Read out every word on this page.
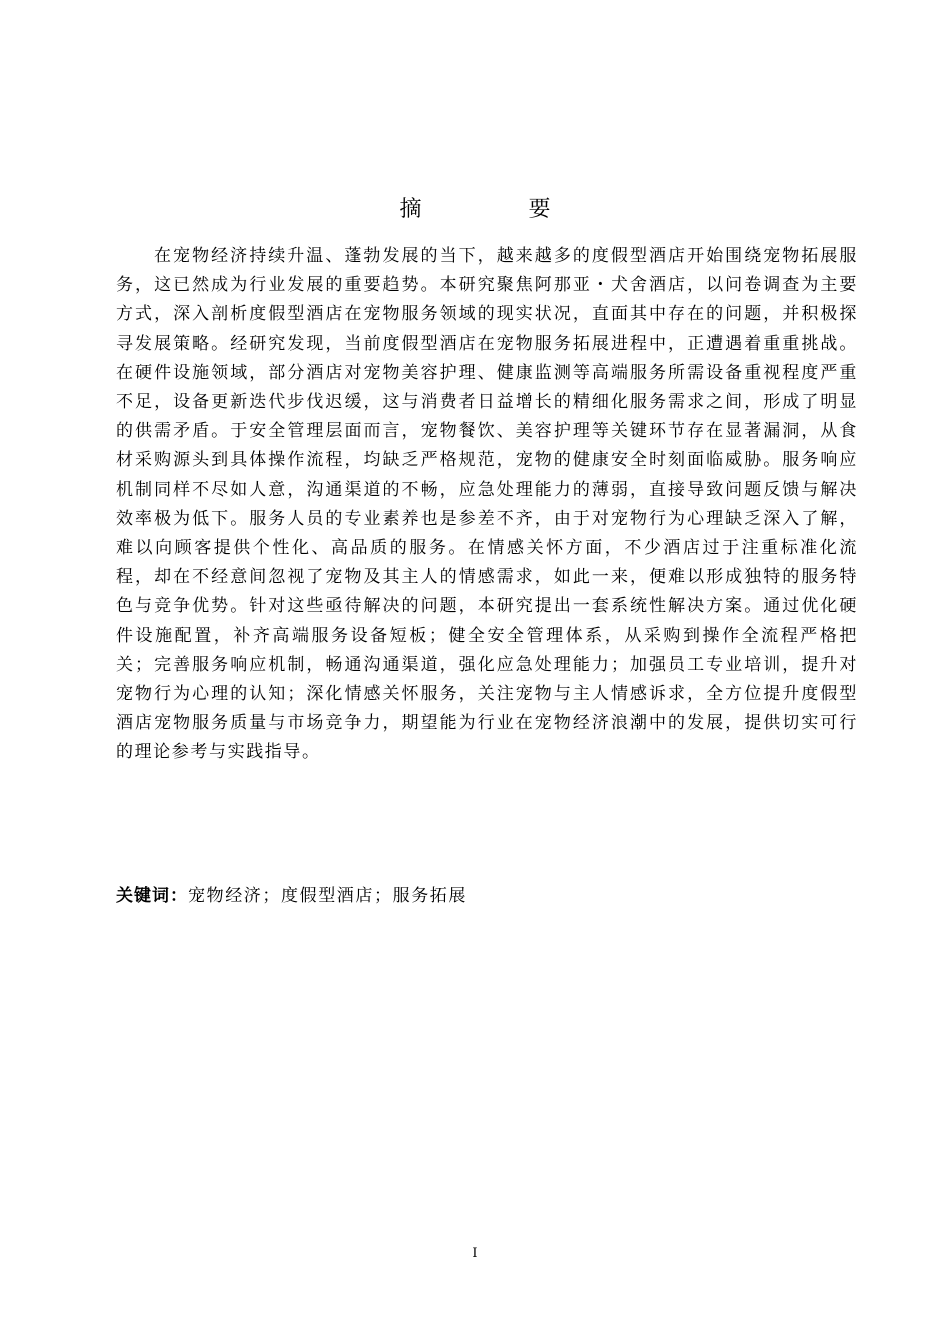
摘 要

在宠物经济持续升温、蓬勃发展的当下，越来越多的度假型酒店开始围绕宠物拓展服务，这已然成为行业发展的重要趋势。本研究聚焦阿那亚・犬舍酒店，以问卷调查为主要方式，深入剖析度假型酒店在宠物服务领域的现实状况，直面其中存在的问题，并积极探寻发展策略。经研究发现，当前度假型酒店在宠物服务拓展进程中，正遭遇着重重挑战。在硬件设施领域，部分酒店对宠物美容护理、健康监测等高端服务所需设备重视程度严重不足，设备更新迭代步伐迟缓，这与消费者日益增长的精细化服务需求之间，形成了明显的供需矛盾。于安全管理层面而言，宠物餐饮、美容护理等关键环节存在显著漏洞，从食材采购源头到具体操作流程，均缺乏严格规范，宠物的健康安全时刻面临威胁。服务响应机制同样不尽如人意，沟通渠道的不畅，应急处理能力的薄弱，直接导致问题反馈与解决效率极为低下。服务人员的专业素养也是参差不齐，由于对宠物行为心理缺乏深入了解，难以向顾客提供个性化、高品质的服务。在情感关怀方面，不少酒店过于注重标准化流程，却在不经意间忽视了宠物及其主人的情感需求，如此一来，便难以形成独特的服务特色与竞争优势。针对这些亟待解决的问题，本研究提出一套系统性解决方案。通过优化硬件设施配置，补齐高端服务设备短板；健全安全管理体系，从采购到操作全流程严格把关；完善服务响应机制，畅通沟通渠道，强化应急处理能力；加强员工专业培训，提升对宠物行为心理的认知；深化情感关怀服务，关注宠物与主人情感诉求，全方位提升度假型酒店宠物服务质量与市场竞争力，期望能为行业在宠物经济浪潮中的发展，提供切实可行的理论参考与实践指导。

关键词：宠物经济；度假型酒店；服务拓展

I
